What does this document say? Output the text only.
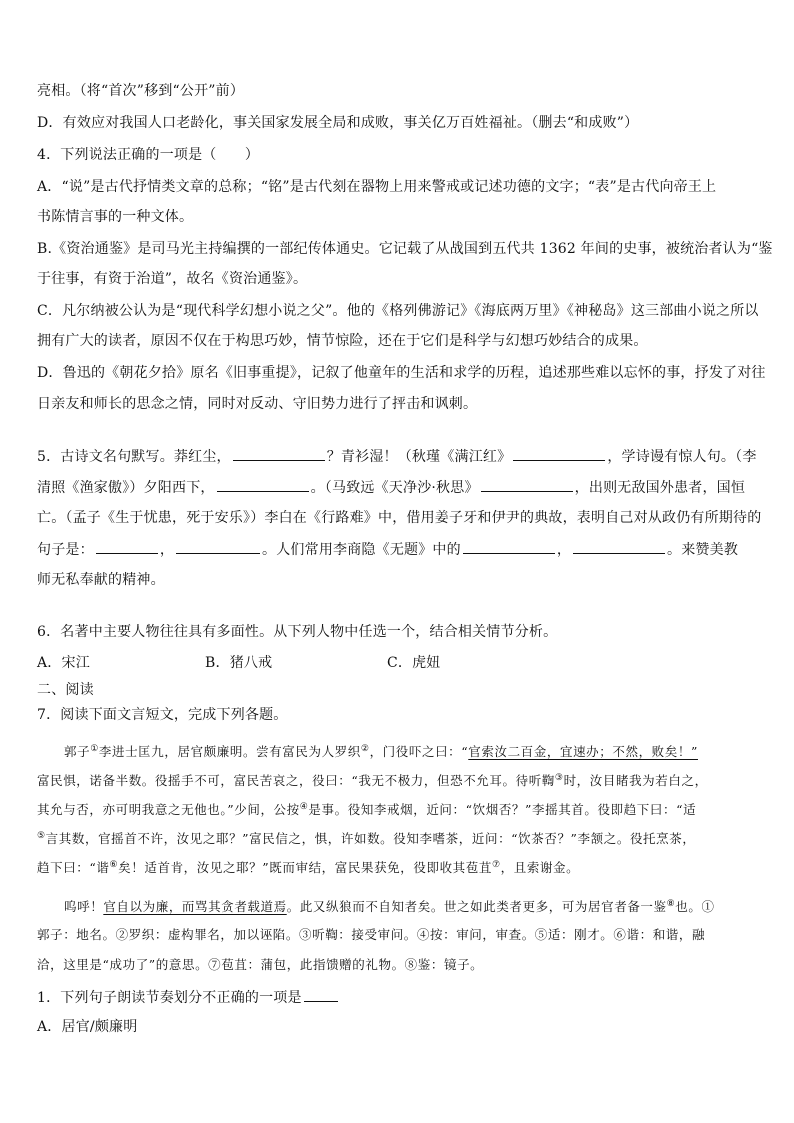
亮相。（将“首次”移到“公开”前）
D．有效应对我国人口老龄化，事关国家发展全局和成败，事关亿万百姓福祉。（删去“和成败”）
4．下列说法正确的一项是（　　）
A．“说”是古代抒情类文章的总称；“铭”是古代刻在器物上用来警戒或记述功德的文字；“表”是古代向帝王上
书陈情言事的一种文体。
B.《资治通鉴》是司马光主持编撰的一部纪传体通史。它记载了从战国到五代共 1362 年间的史事，被统治者认为“鉴
于往事，有资于治道”，故名《资治通鉴》。
C．凡尔纳被公认为是“现代科学幻想小说之父”。他的《格列佛游记》《海底两万里》《神秘岛》这三部曲小说之所以
拥有广大的读者，原因不仅在于构思巧妙，情节惊险，还在于它们是科学与幻想巧妙结合的成果。
D．鲁迅的《朝花夕拾》原名《旧事重提》，记叙了他童年的生活和求学的历程，追述那些难以忘怀的事，抒发了对往
日亲友和师长的思念之情，同时对反动、守旧势力进行了抨击和讽刺。
5．古诗文名句默写。莽红尘，	？青衫湿！（秋瑾《满江红》	，学诗谩有惊人句。（李
清照《渔家傲》）夕阳西下，	。（马致远《天净沙·秋思》	，出则无敌国外患者，国恒
亡。（孟子《生于忧患，死于安乐》）李白在《行路难》中，借用姜子牙和伊尹的典故，表明自己对从政仍有所期待的
句子是：	，	。人们常用李商隐《无题》中的	，	。来赞美教
师无私奉献的精神。
6．名著中主要人物往往具有多面性。从下列人物中任选一个，结合相关情节分析。
A．宋江	B．猪八戒	C．虎妞
二、阅读
7．阅读下面文言短文，完成下列各题。
郭子①李进士匡九，居官颇廉明。尝有富民为人罗织②，门役吓之曰：“官索汝二百金，宜速办；不然，败矣！”
富民惧，诺备半数。役摇手不可，富民苦哀之，役曰：“我无不极力，但恐不允耳。待听鞫③时，汝目睹我为若白之，
其允与否，亦可明我意之无他也。”少间，公按④是事。役知李戒烟，近问：“饮烟否？”李摇其首。役即趋下曰：“适
⑤言其数，官摇首不许，汝见之耶？”富民信之，惧，许如数。役知李嗜茶，近问：“饮茶否？”李颔之。役托烹茶，
趋下曰：“谐⑥矣！适首肯，汝见之耶？”既而审结，富民果获免，役即收其苞苴⑦，且索谢金。
呜呼！官自以为廉，而骂其贪者载道焉。此又纵狼而不自知者矣。世之如此类者更多，可为居官者备一鉴⑧也。①
郭子：地名。②罗织：虚构罪名，加以诬陷。③听鞫：接受审问。④按：审问，审查。⑤适：刚才。⑥谐：和谐，融
洽，这里是“成功了”的意思。⑦苞苴：蒲包，此指馈赠的礼物。⑧鉴：镜子。
1．下列句子朗读节奏划分不正确的一项是
A．居官/颇廉明
